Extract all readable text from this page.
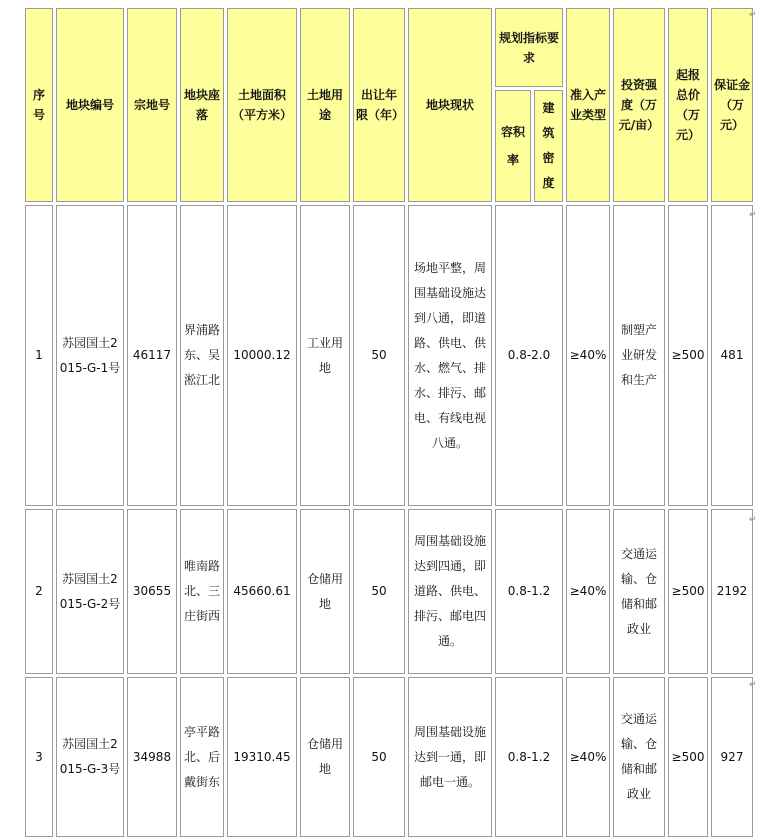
序号	地块编号	宗地号	地块座落	土地面积（平方米）	土地用途	出让年限（年）	地块现状	规划指标要求		准入产业类型	投资强度（万元/亩）	起报总价（万元）	保证金（万元）
								容积率	建筑密度				
1	苏园国土2015-G-1号	46117	界浦路东、吴淞江北	10000.12	工业用地	50	场地平整，周围基础设施达到八通，即道路、供电、供水、燃气、排水、排污、邮电、有线电视八通。	0.8-2.0		≥40%	制塑产业研发和生产	≥500	481
2	苏园国土2015-G-2号	30655	唯南路北、三庄街西	45660.61	仓储用地	50	周围基础设施达到四通，即道路、供电、排污、邮电四通。	0.8-1.2		≥40%	交通运输、仓储和邮政业	≥500	2192
3	苏园国土2015-G-3号	34988	亭平路北、后戴街东	19310.45	仓储用地	50	周围基础设施达到一通，即邮电一通。	0.8-1.2		≥40%	交通运输、仓储和邮政业	≥500	927
↵
↵
↵
↵
